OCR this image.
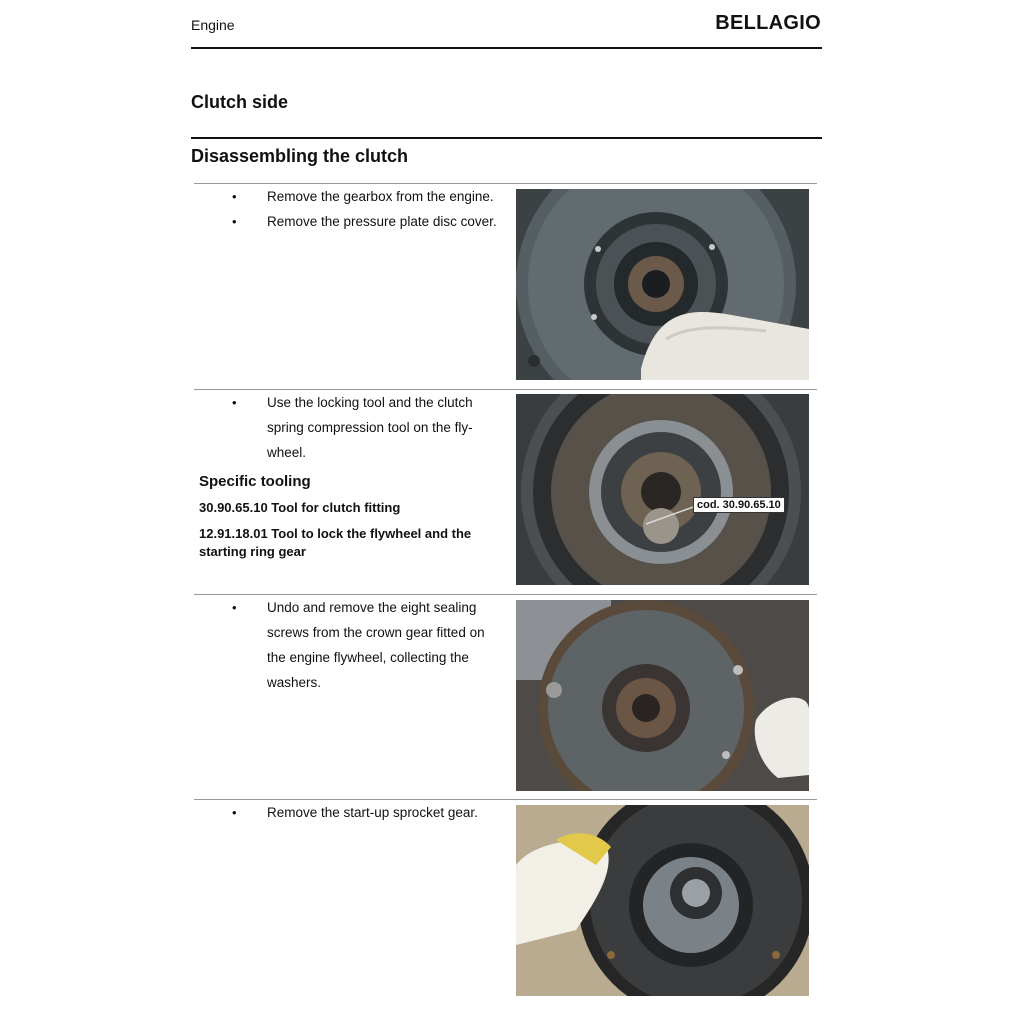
Engine	BELLAGIO
Clutch side
Disassembling the clutch
• Remove the gearbox from the engine.
• Remove the pressure plate disc cover.
• Use the locking tool and the clutch spring compression tool on the fly-wheel.
Specific tooling
30.90.65.10 Tool for clutch fitting
12.91.18.01 Tool to lock the flywheel and the starting ring gear
cod. 30.90.65.10
• Undo and remove the eight sealing screws from the crown gear fitted on the engine flywheel, collecting the washers.
• Remove the start-up sprocket gear.
